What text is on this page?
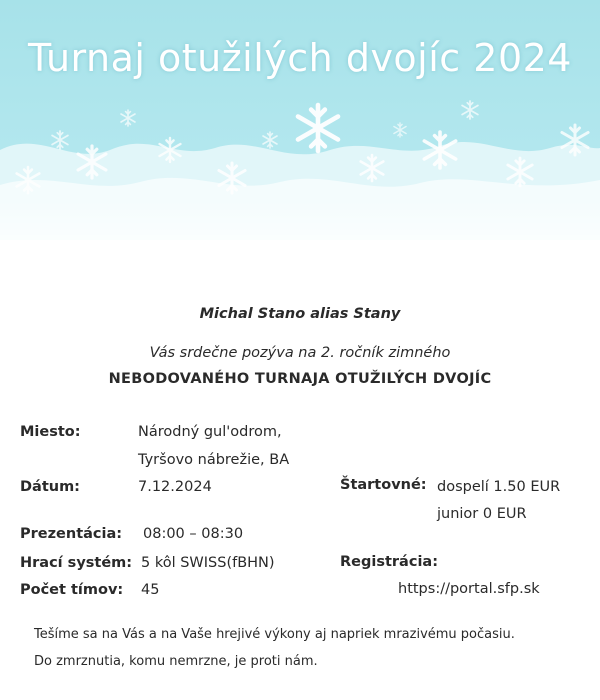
Turnaj otužilých dvojíc 2024
Michal Stano alias Stany
Vás srdečne pozýva na 2. ročník zimného
NEBODOVANÉHO TURNAJA OTUŽILÝCH DVOJÍC
Miesto:	Národný gul'odrom,
Tyršovo nábrežie, BA
Dátum:	7.12.2024	Štartovné: dospelí 1.50 EUR
junior 0 EUR
Prezentácia: 08:00 – 08:30
Hrací systém: 5 kôl SWISS(fBHN)	Registrácia:
https://portal.sfp.sk
Počet tímov: 45
Tešíme sa na Vás a na Vaše hrejivé výkony aj napriek mrazivému počasiu.
Do zmrznutia, komu nemrzne, je proti nám.
